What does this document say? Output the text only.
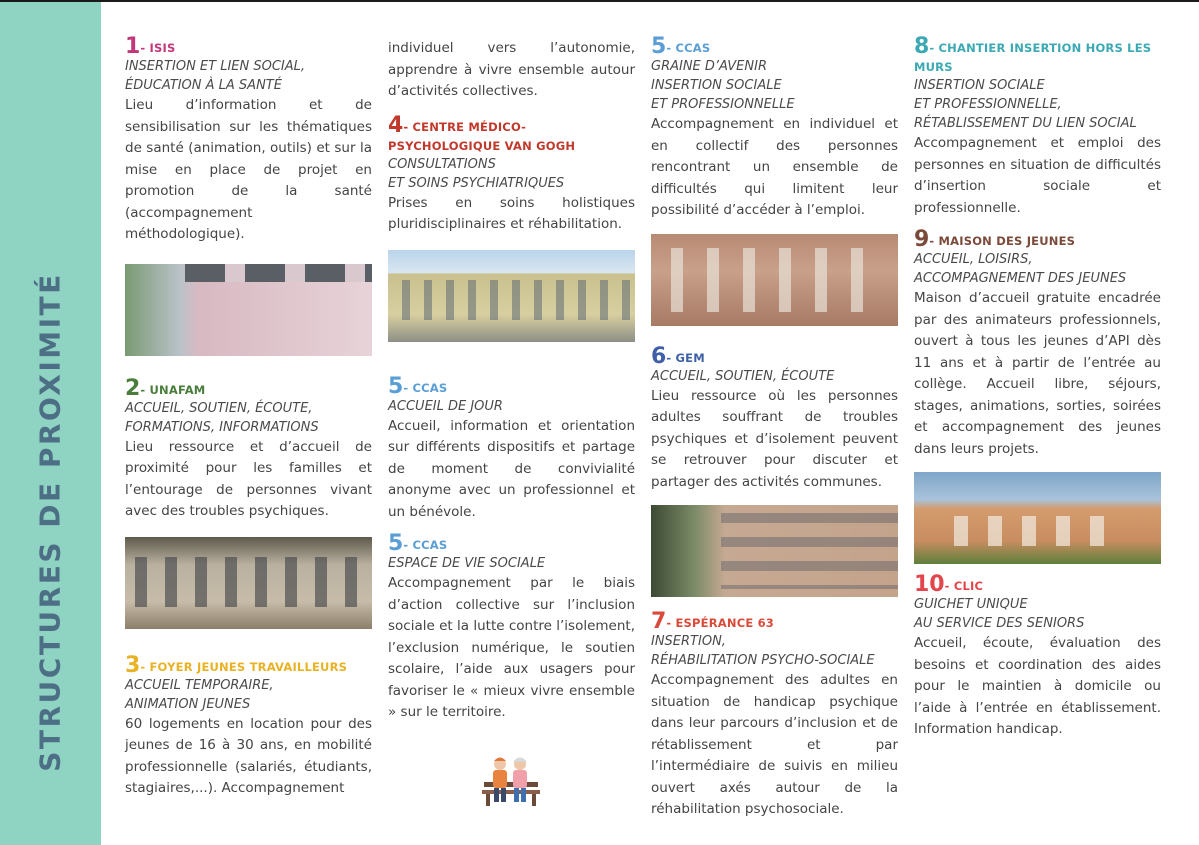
STRUCTURES DE PROXIMITÉ
1- ISIS
INSERTION ET LIEN SOCIAL,
ÉDUCATION À LA SANTÉ

Lieu d’information et de sensibilisation sur les thématiques de santé (animation, outils) et sur la mise en place de projet en promotion de la santé (accompagnement méthodologique).

2- UNAFAM
ACCUEIL, SOUTIEN, ÉCOUTE,
FORMATIONS, INFORMATIONS

Lieu ressource et d’accueil de proximité pour les familles et l’entourage de personnes vivant avec des troubles psychiques.

3- FOYER JEUNES TRAVAILLEURS
ACCUEIL TEMPORAIRE,
ANIMATION JEUNES

60 logements en location pour des jeunes de 16 à 30 ans, en mobilité professionnelle (salariés, étudiants, stagiaires,...). Accompagnement

individuel vers l’autonomie, apprendre à vivre ensemble autour d’activités collectives.

4- CENTRE MÉDICO-PSYCHOLOGIQUE VAN GOGH
CONSULTATIONS
ET SOINS PSYCHIATRIQUES

Prises en soins holistiques pluridisciplinaires et réhabilitation.

5- CCAS
ACCUEIL DE JOUR

Accueil, information et orientation sur différents dispositifs et partage de moment de convivialité anonyme avec un professionnel et un bénévole.

5- CCAS
ESPACE DE VIE SOCIALE

Accompagnement par le biais d’action collective sur l’inclusion sociale et la lutte contre l’isolement, l’exclusion numérique, le soutien scolaire, l’aide aux usagers pour favoriser le « mieux vivre ensemble » sur le territoire.

5- CCAS
GRAINE D’AVENIR
INSERTION SOCIALE
ET PROFESSIONNELLE

Accompagnement en individuel et en collectif des personnes rencontrant un ensemble de difficultés qui limitent leur possibilité d’accéder à l’emploi.

6- GEM
ACCUEIL, SOUTIEN, ÉCOUTE

Lieu ressource où les personnes adultes souffrant de troubles psychiques et d’isolement peuvent se retrouver pour discuter et partager des activités communes.

7- ESPÉRANCE 63
INSERTION,
RÉHABILITATION PSYCHO-SOCIALE

Accompagnement des adultes en situation de handicap psychique dans leur parcours d’inclusion et de rétablissement et par l’intermédiaire de suivis en milieu ouvert axés autour de la réhabilitation psychosociale.

8- CHANTIER INSERTION HORS LES MURS
INSERTION SOCIALE
ET PROFESSIONNELLE,
RÉTABLISSEMENT DU LIEN SOCIAL

Accompagnement et emploi des personnes en situation de difficultés d’insertion sociale et professionnelle.

9- MAISON DES JEUNES
ACCUEIL, LOISIRS,
ACCOMPAGNEMENT DES JEUNES

Maison d’accueil gratuite encadrée par des animateurs professionnels, ouvert à tous les jeunes d’API dès 11 ans et à partir de l’entrée au collège. Accueil libre, séjours, stages, animations, sorties, soirées et accompagnement des jeunes dans leurs projets.

10- CLIC
GUICHET UNIQUE
AU SERVICE DES SENIORS

Accueil, écoute, évaluation des besoins et coordination des aides pour le maintien à domicile ou l’aide à l’entrée en établissement. Information handicap.
